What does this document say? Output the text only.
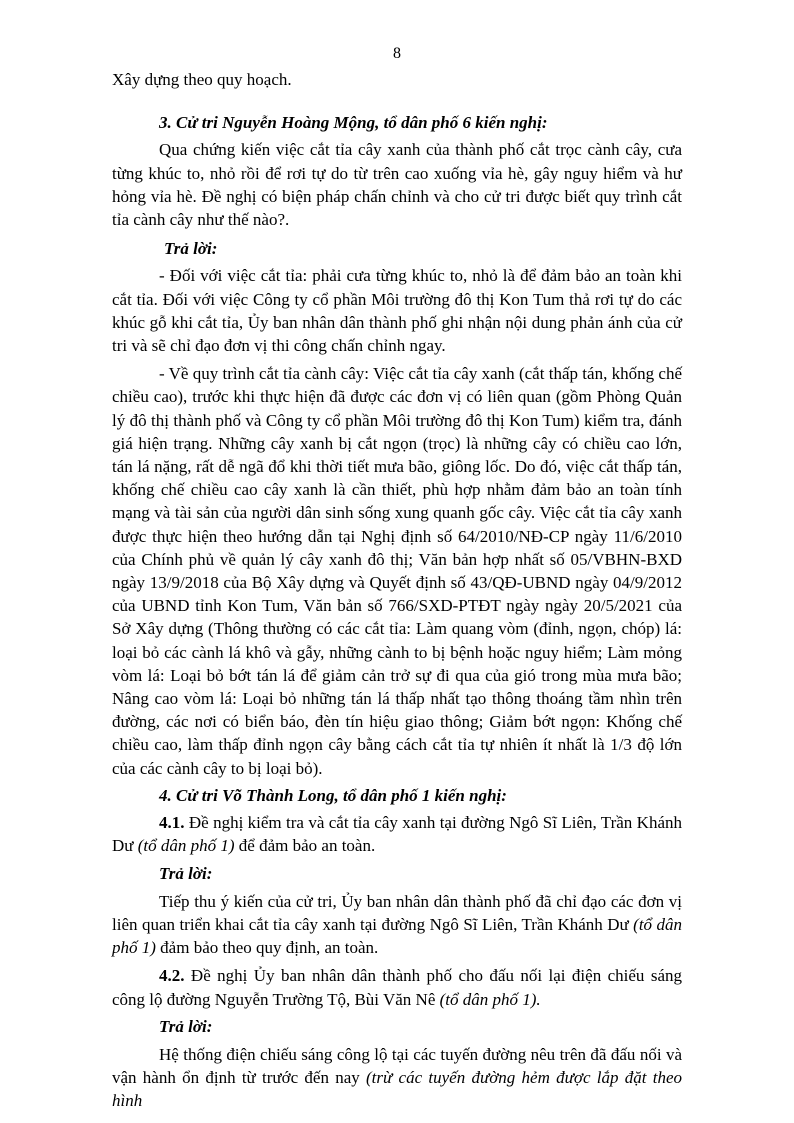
8

Xây dựng theo quy hoạch.

3. Cử tri Nguyễn Hoàng Mộng, tổ dân phố 6 kiến nghị:

Qua chứng kiến việc cắt tỉa cây xanh của thành phố cắt trọc cành cây, cưa từng khúc to, nhỏ rồi để rơi tự do từ trên cao xuống vỉa hè, gây nguy hiểm và hư hỏng vỉa hè. Đề nghị có biện pháp chấn chỉnh và cho cử tri được biết quy trình cắt tỉa cành cây như thế nào?.

Trả lời:

- Đối với việc cắt tỉa: phải cưa từng khúc to, nhỏ là để đảm bảo an toàn khi cắt tỉa. Đối với việc Công ty cổ phần Môi trường đô thị Kon Tum thả rơi tự do các khúc gỗ khi cắt tỉa, Ủy ban nhân dân thành phố ghi nhận nội dung phản ánh của cử tri và sẽ chỉ đạo đơn vị thi công chấn chỉnh ngay.

- Về quy trình cắt tỉa cành cây: Việc cắt tỉa cây xanh (cắt thấp tán, khống chế chiều cao), trước khi thực hiện đã được các đơn vị có liên quan (gồm Phòng Quản lý đô thị thành phố và Công ty cổ phần Môi trường đô thị Kon Tum) kiểm tra, đánh giá hiện trạng. Những cây xanh bị cắt ngọn (trọc) là những cây có chiều cao lớn, tán lá nặng, rất dễ ngã đổ khi thời tiết mưa bão, giông lốc. Do đó, việc cắt thấp tán, khống chế chiều cao cây xanh là cần thiết, phù hợp nhằm đảm bảo an toàn tính mạng và tài sản của người dân sinh sống xung quanh gốc cây. Việc cắt tỉa cây xanh được thực hiện theo hướng dẫn tại Nghị định số 64/2010/NĐ-CP ngày 11/6/2010 của Chính phủ về quản lý cây xanh đô thị; Văn bản hợp nhất số 05/VBHN-BXD ngày 13/9/2018 của Bộ Xây dựng và Quyết định số 43/QĐ-UBND ngày 04/9/2012 của UBND tỉnh Kon Tum, Văn bản số 766/SXD-PTĐT ngày ngày 20/5/2021 của Sở Xây dựng (Thông thường có các cắt tỉa: Làm quang vòm (đỉnh, ngọn, chóp) lá: loại bỏ các cành lá khô và gẫy, những cành to bị bệnh hoặc nguy hiểm; Làm mỏng vòm lá: Loại bỏ bớt tán lá để giảm cản trở sự đi qua của gió trong mùa mưa bão; Nâng cao vòm lá: Loại bỏ những tán lá thấp nhất tạo thông thoáng tầm nhìn trên đường, các nơi có biển báo, đèn tín hiệu giao thông; Giảm bớt ngọn: Khống chế chiều cao, làm thấp đỉnh ngọn cây bằng cách cắt tỉa tự nhiên ít nhất là 1/3 độ lớn của các cành cây to bị loại bỏ).

4. Cử tri Võ Thành Long, tổ dân phố 1 kiến nghị:

4.1. Đề nghị kiểm tra và cắt tỉa cây xanh tại đường Ngô Sĩ Liên, Trần Khánh Dư (tổ dân phố 1) để đảm bảo an toàn.

Trả lời:

Tiếp thu ý kiến của cử tri, Ủy ban nhân dân thành phố đã chỉ đạo các đơn vị liên quan triển khai cắt tỉa cây xanh tại đường Ngô Sĩ Liên, Trần Khánh Dư (tổ dân phố 1) đảm bảo theo quy định, an toàn.

4.2. Đề nghị Ủy ban nhân dân thành phố cho đấu nối lại điện chiếu sáng công lộ đường Nguyễn Trường Tộ, Bùi Văn Nê (tổ dân phố 1).

Trả lời:

Hệ thống điện chiếu sáng công lộ tại các tuyến đường nêu trên đã đấu nối và vận hành ổn định từ trước đến nay (trừ các tuyến đường hẻm được lắp đặt theo hình
